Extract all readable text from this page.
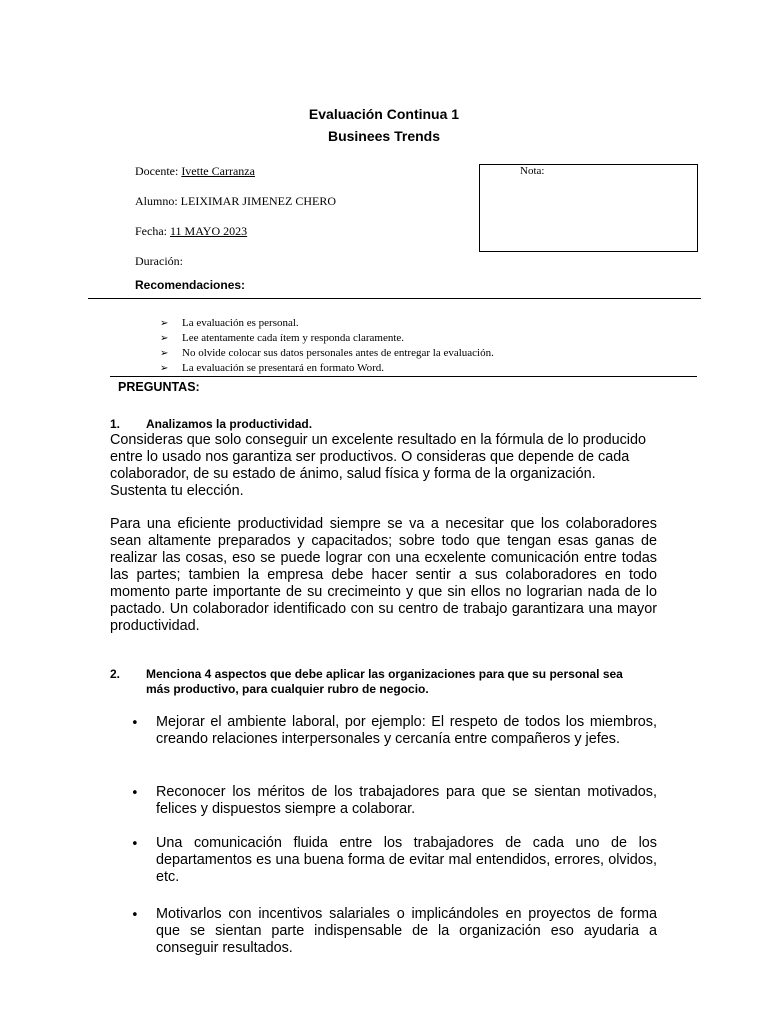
Evaluación Continua 1
Businees Trends
Docente: Ivette Carranza
Alumno: LEIXIMAR JIMENEZ CHERO
Fecha: 11 MAYO 2023
Duración:
Nota:
Recomendaciones:
➢ La evaluación es personal.
➢ Lee atentamente cada ítem y responda claramente.
➢ No olvide colocar sus datos personales antes de entregar la evaluación.
➢ La evaluación se presentará en formato Word.
PREGUNTAS:
1. Analizamos la productividad.
Consideras que solo conseguir un excelente resultado en la fórmula de lo producido entre lo usado nos garantiza ser productivos. O consideras que depende de cada colaborador, de su estado de ánimo, salud física y forma de la organización. Sustenta tu elección.
Para una eficiente productividad siempre se va a necesitar que los colaboradores sean altamente preparados y capacitados; sobre todo que tengan esas ganas de realizar las cosas, eso se puede lograr con una ecxelente comunicación entre todas las partes; tambien la empresa debe hacer sentir a sus colaboradores en todo momento parte importante de su crecimeinto y que sin ellos no lograrian nada de lo pactado. Un colaborador identificado con su centro de trabajo garantizara una mayor productividad.
2. Menciona 4 aspectos que debe aplicar las organizaciones para que su personal sea más productivo, para cualquier rubro de negocio.
• Mejorar el ambiente laboral, por ejemplo: El respeto de todos los miembros, creando relaciones interpersonales y cercanía entre compañeros y jefes.
• Reconocer los méritos de los trabajadores para que se sientan motivados, felices y dispuestos siempre a colaborar.
• Una comunicación fluida entre los trabajadores de cada uno de los departamentos es una buena forma de evitar mal entendidos, errores, olvidos, etc.
• Motivarlos con incentivos salariales o implicándoles en proyectos de forma que se sientan parte indispensable de la organización eso ayudaria a conseguir resultados.
